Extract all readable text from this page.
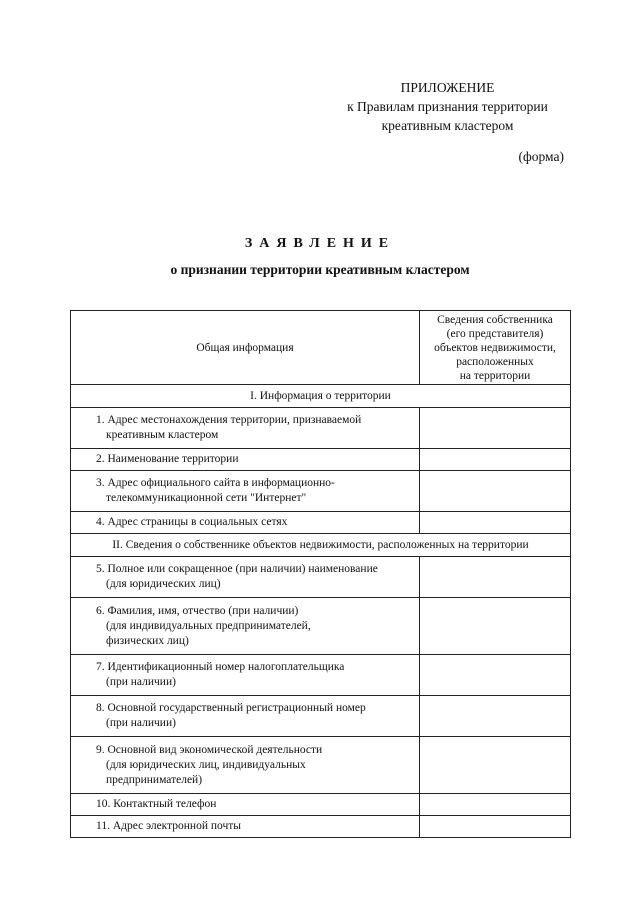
ПРИЛОЖЕНИЕ
к Правилам признания территории
креативным кластером
(форма)
ЗАЯВЛЕНИЕ
о признании территории креативным кластером
Общая информация	Сведения собственника
(его представителя)
объектов недвижимости,
расположенных
на территории

I. Информация о территории	
1. Адрес местонахождения территории, признаваемой
креативным кластером	

2. Наименование территории	
3. Адрес официального сайта в информационно-
телекоммуникационной сети "Интернет"	

4. Адрес страницы в социальных сетях	
II. Сведения о собственнике объектов недвижимости, расположенных на территории	
5. Полное или сокращенное (при наличии) наименование
(для юридических лиц)	

6. Фамилия, имя, отчество (при наличии)
(для индивидуальных предпринимателей,
физических лиц)	

7. Идентификационный номер налогоплательщика
(при наличии)	

8. Основной государственный регистрационный номер
(при наличии)	

9. Основной вид экономической деятельности
(для юридических лиц, индивидуальных
предпринимателей)	

10. Контактный телефон	
11. Адрес электронной почты	
